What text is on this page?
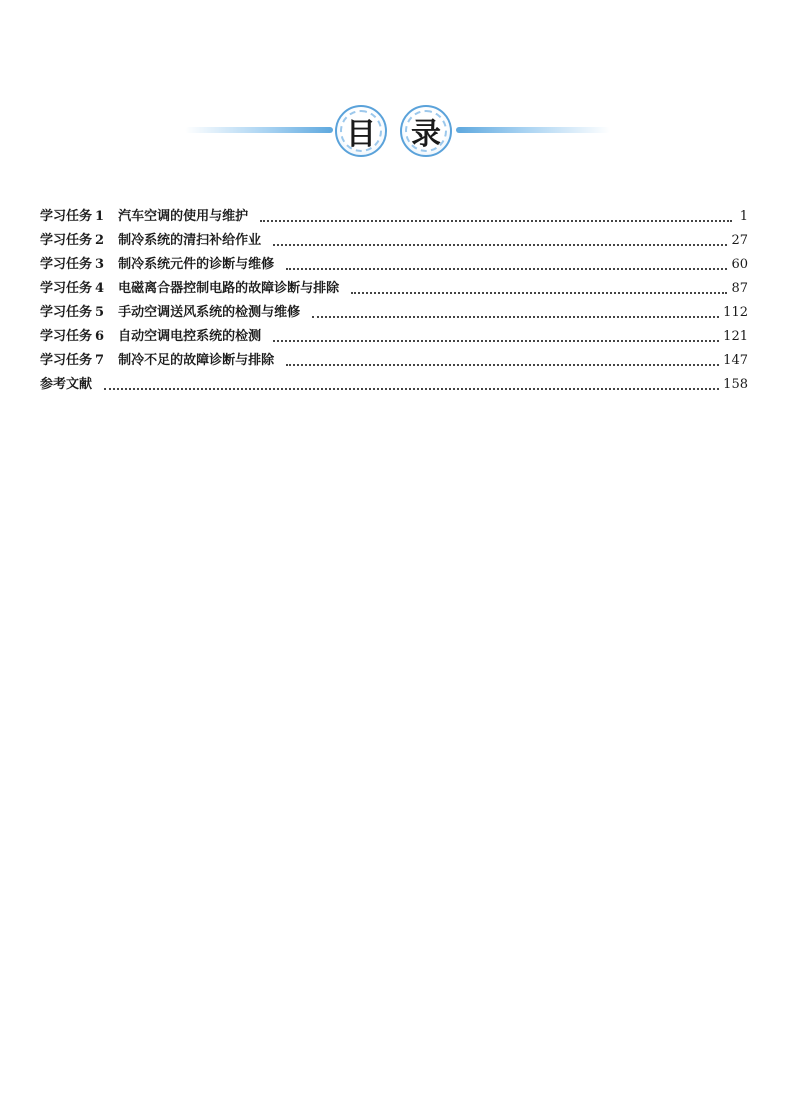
目 录
学习任务 1 汽车空调的使用与维护	1
学习任务 2 制冷系统的清扫补给作业	27
学习任务 3 制冷系统元件的诊断与维修	60
学习任务 4 电磁离合器控制电路的故障诊断与排除	87
学习任务 5 手动空调送风系统的检测与维修	112
学习任务 6 自动空调电控系统的检测	121
学习任务 7 制冷不足的故障诊断与排除	147
参考文献	158
